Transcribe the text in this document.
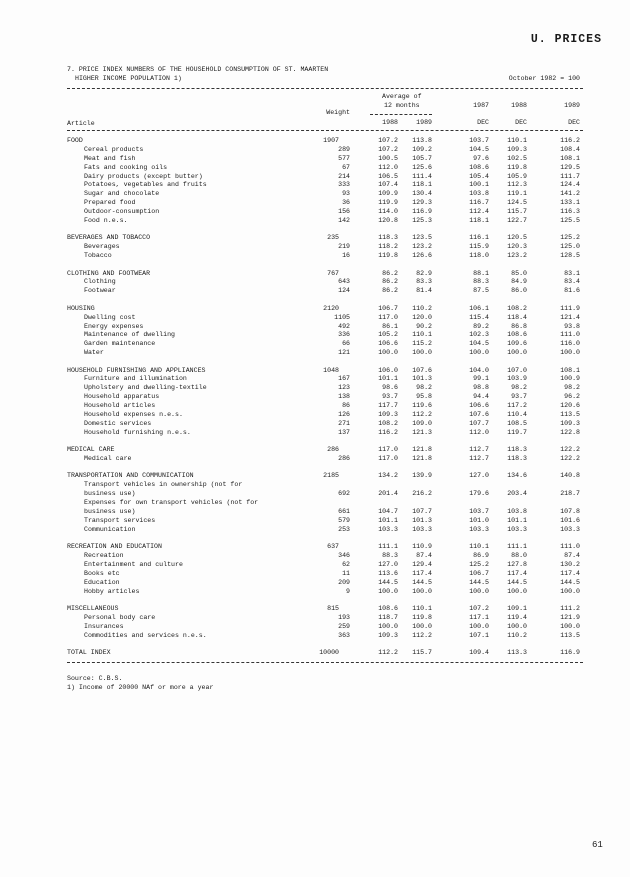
U. PRICES
7. PRICE INDEX NUMBERS OF THE HOUSEHOLD CONSUMPTION OF ST. MAARTEN
HIGHER INCOME POPULATION 1)	October 1982 = 100
Average of
12 months
Weight
1987	1988	1989
Article	1988	1989	DEC	DEC	DEC
FOOD	1907	107.2 113.8	103.7	110.1	116.2
Cereal products	289	107.2 109.2	104.5	109.3	108.4
Meat and fish	577	100.5 105.7	97.6	102.5	108.1
Fats and cooking oils	67	112.0 125.6	108.6	119.8	129.5
Dairy products (except butter)	214	106.5 111.4	105.4	105.9	111.7
Potatoes, vegetables and fruits	333	107.4 118.1	100.1	112.3	124.4
Sugar and chocolate	93	109.9 130.4	103.8	119.1	141.2
Prepared food	36	119.9 129.3	116.7	124.5	133.1
Outdoor-consumption	156	114.0 116.9	112.4	115.7	116.3
Food n.e.s.	142	120.8 125.3	118.1	122.7	125.5
BEVERAGES AND TOBACCO	235	118.3 123.5	116.1	120.5	125.2
Beverages	219	118.2 123.2	115.9	120.3	125.0
Tobacco	16	119.8 126.6	118.0	123.2	128.5
CLOTHING AND FOOTWEAR	767	86.2	82.9	88.1	85.0	83.1
Clothing	643	86.2	83.3	88.3	84.9	83.4
Footwear	124	86.2	81.4	87.5	86.0	81.6
HOUSING	2120	106.7 110.2	106.1	108.2	111.9
Dwelling cost	1105	117.0 120.0	115.4	118.4	121.4
Energy expenses	492	86.1	90.2	89.2	86.8	93.8
Maintenance of dwelling	336	105.2 110.1	102.3	108.6	111.0
Garden maintenance	66	106.6 115.2	104.5	109.6	116.0
Water	121	100.0 100.0	100.0	100.0	100.0
HOUSEHOLD FURNISHING AND APPLIANCES	1048	106.0 107.6	104.0	107.0	108.1
Furniture and illumination	167	101.1 101.3	99.1	103.9	100.9
Upholstery and dwelling-textile	123	98.6	98.2	98.8	98.2	98.2
Household apparatus	138	93.7	95.8	94.4	93.7	96.2
Household articles	86	117.7 119.6	106.6	117.2	120.6
Household expenses n.e.s.	126	109.3 112.2	107.6	110.4	113.5
Domestic services	271	108.2 109.0	107.7	108.5	109.3
Household furnishing n.e.s.	137	116.2 121.3	112.0	119.7	122.8
MEDICAL CARE	286	117.0 121.8	112.7	118.3	122.2
Medical care	286	117.0 121.8	112.7	118.3	122.2
TRANSPORTATION AND COMMUNICATION	2185	134.2 139.9	127.0	134.6	140.8
Transport vehicles in ownership (not for
business use)	692	201.4 216.2	179.6	203.4	218.7
Expenses for own transport vehicles (not for
business use)	661	104.7 107.7	103.7	103.8	107.8
Transport services	579	101.1 101.3	101.0	101.1	101.6
Communication	253	103.3 103.3	103.3	103.3	103.3
RECREATION AND EDUCATION	637	111.1 110.9	110.1	111.1	111.0
Recreation	346	88.3	87.4	86.9	88.0	87.4
Entertainment and culture	62	127.0 129.4	125.2	127.8	130.2
Books etc	11	113.6 117.4	106.7	117.4	117.4
Education	209	144.5 144.5	144.5	144.5	144.5
Hobby articles	9	100.0 100.0	100.0	100.0	100.0
MISCELLANEOUS	815	108.6 110.1	107.2	109.1	111.2
Personal body care	193	118.7 119.8	117.1	119.4	121.9
Insurances	259	100.0 100.0	100.0	100.0	100.0
Commodities and services n.e.s.	363	109.3 112.2	107.1	110.2	113.5
TOTAL INDEX	10000	112.2 115.7	109.4	113.3	116.9
Source: C.B.S.
1) Income of 20000 NAf or more a year
61
